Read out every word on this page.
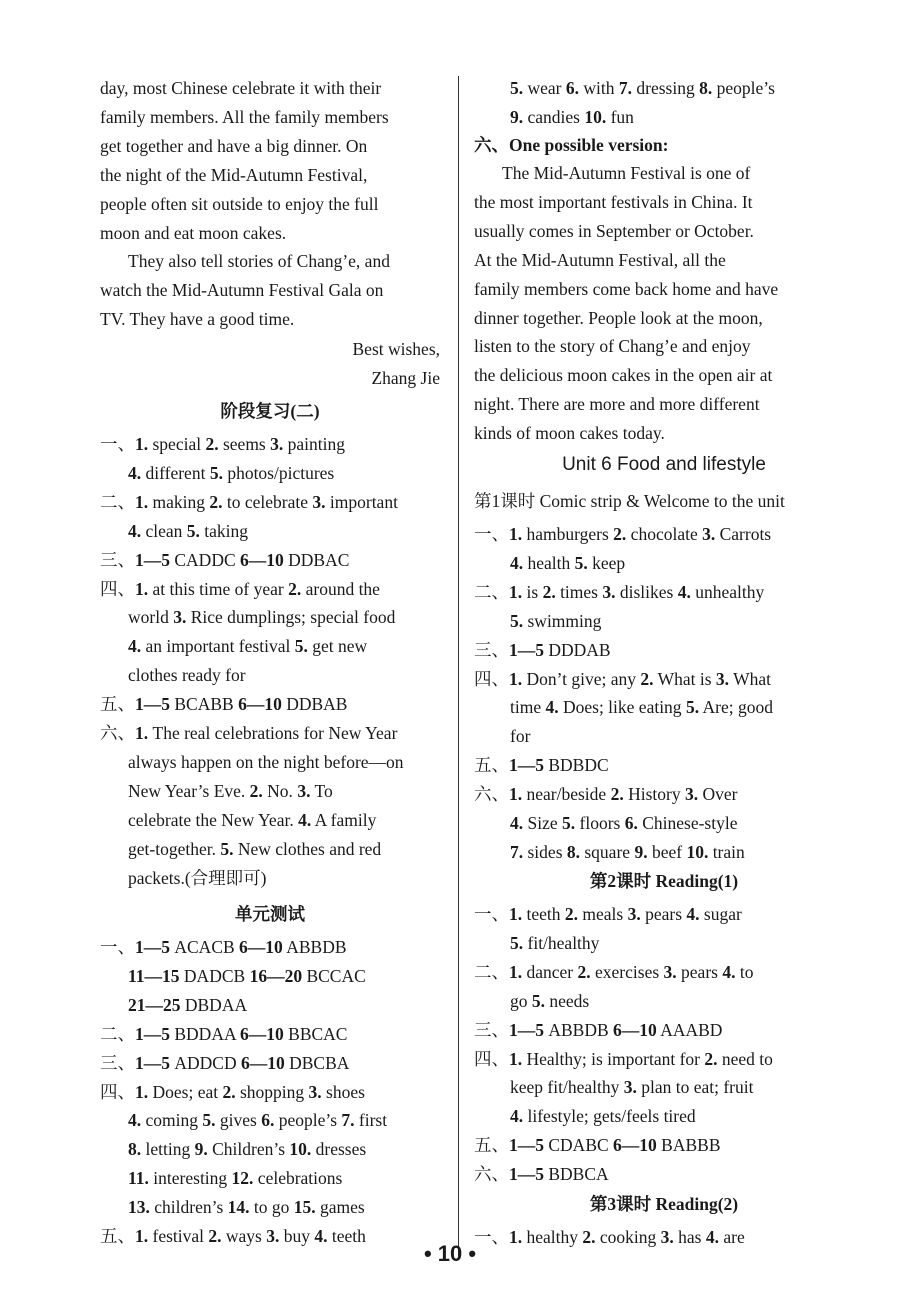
day, most Chinese celebrate it with their
family members. All the family members
get together and have a big dinner. On
the night of the Mid-Autumn Festival,
people often sit outside to enjoy the full
moon and eat moon cakes.
They also tell stories of Chang’e, and
watch the Mid-Autumn Festival Gala on
TV. They have a good time.
Best wishes,
Zhang Jie
阶段复习(二)
一、1. special 2. seems 3. painting
4. different 5. photos/pictures
二、1. making 2. to celebrate 3. important
4. clean 5. taking
三、1—5 CADDC 6—10 DDBAC
四、1. at this time of year 2. around the
world 3. Rice dumplings; special food
4. an important festival 5. get new
clothes ready for
五、1—5 BCABB 6—10 DDBAB
六、1. The real celebrations for New Year
always happen on the night before—on
New Year’s Eve. 2. No. 3. To
celebrate the New Year. 4. A family
get-together. 5. New clothes and red
packets.(合理即可)
单元测试
一、1—5 ACACB 6—10 ABBDB
11—15 DADCB 16—20 BCCAC
21—25 DBDAA
二、1—5 BDDAA 6—10 BBCAC
三、1—5 ADDCD 6—10 DBCBA
四、1. Does; eat 2. shopping 3. shoes
4. coming 5. gives 6. people’s 7. first
8. letting 9. Children’s 10. dresses
11. interesting 12. celebrations
13. children’s 14. to go 15. games
五、1. festival 2. ways 3. buy 4. teeth
5. wear 6. with 7. dressing 8. people’s
9. candies 10. fun
六、One possible version:
The Mid-Autumn Festival is one of
the most important festivals in China. It
usually comes in September or October.
At the Mid-Autumn Festival, all the
family members come back home and have
dinner together. People look at the moon,
listen to the story of Chang’e and enjoy
the delicious moon cakes in the open air at
night. There are more and more different
kinds of moon cakes today.
Unit 6 Food and lifestyle
第1课时 Comic strip & Welcome to the unit
一、1. hamburgers 2. chocolate 3. Carrots
4. health 5. keep
二、1. is 2. times 3. dislikes 4. unhealthy
5. swimming
三、1—5 DDDAB
四、1. Don’t give; any 2. What is 3. What
time 4. Does; like eating 5. Are; good
for
五、1—5 BDBDC
六、1. near/beside 2. History 3. Over
4. Size 5. floors 6. Chinese-style
7. sides 8. square 9. beef 10. train
第2课时 Reading(1)
一、1. teeth 2. meals 3. pears 4. sugar
5. fit/healthy
二、1. dancer 2. exercises 3. pears 4. to
go 5. needs
三、1—5 ABBDB 6—10 AAABD
四、1. Healthy; is important for 2. need to
keep fit/healthy 3. plan to eat; fruit
4. lifestyle; gets/feels tired
五、1—5 CDABC 6—10 BABBB
六、1—5 BDBCA
第3课时 Reading(2)
一、1. healthy 2. cooking 3. has 4. are
• 10 •
